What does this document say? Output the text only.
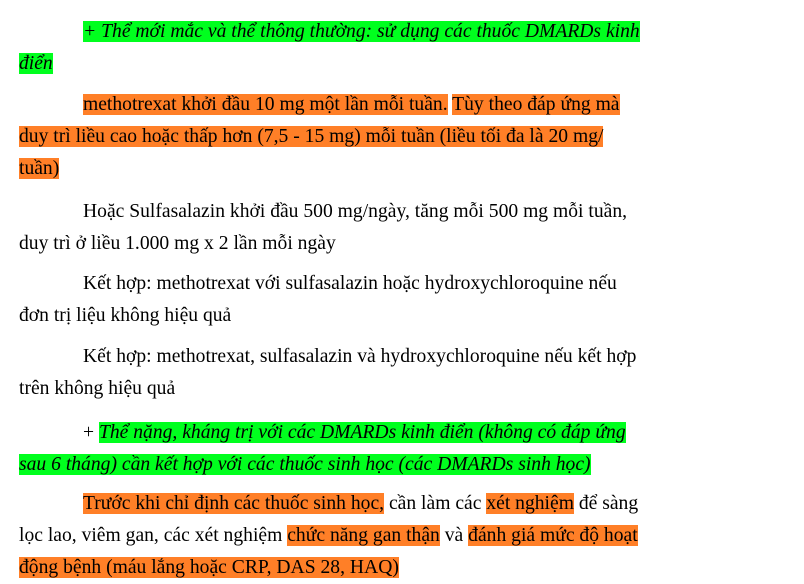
+ Thể mới mắc và thể thông thường: sử dụng các thuốc DMARDs kinh
điển
methotrexat khởi đầu 10 mg một lần mỗi tuần. Tùy theo đáp ứng mà
duy trì liều cao hoặc thấp hơn (7,5 - 15 mg) mỗi tuần (liều tối đa là 20 mg/
tuần)
Hoặc Sulfasalazin khởi đầu 500 mg/ngày, tăng mỗi 500 mg mỗi tuần,
duy trì ở liều 1.000 mg x 2 lần mỗi ngày
Kết hợp: methotrexat với sulfasalazin hoặc hydroxychloroquine nếu
đơn trị liệu không hiệu quả
Kết hợp: methotrexat, sulfasalazin và hydroxychloroquine nếu kết hợp
trên không hiệu quả
+ Thể nặng, kháng trị với các DMARDs kinh điển (không có đáp ứng
sau 6 tháng) cần kết hợp với các thuốc sinh học (các DMARDs sinh học)
Trước khi chỉ định các thuốc sinh học, cần làm các xét nghiệm để sàng
lọc lao, viêm gan, các xét nghiệm chức năng gan thận và đánh giá mức độ hoạt
động bệnh (máu lắng hoặc CRP, DAS 28, HAQ)
